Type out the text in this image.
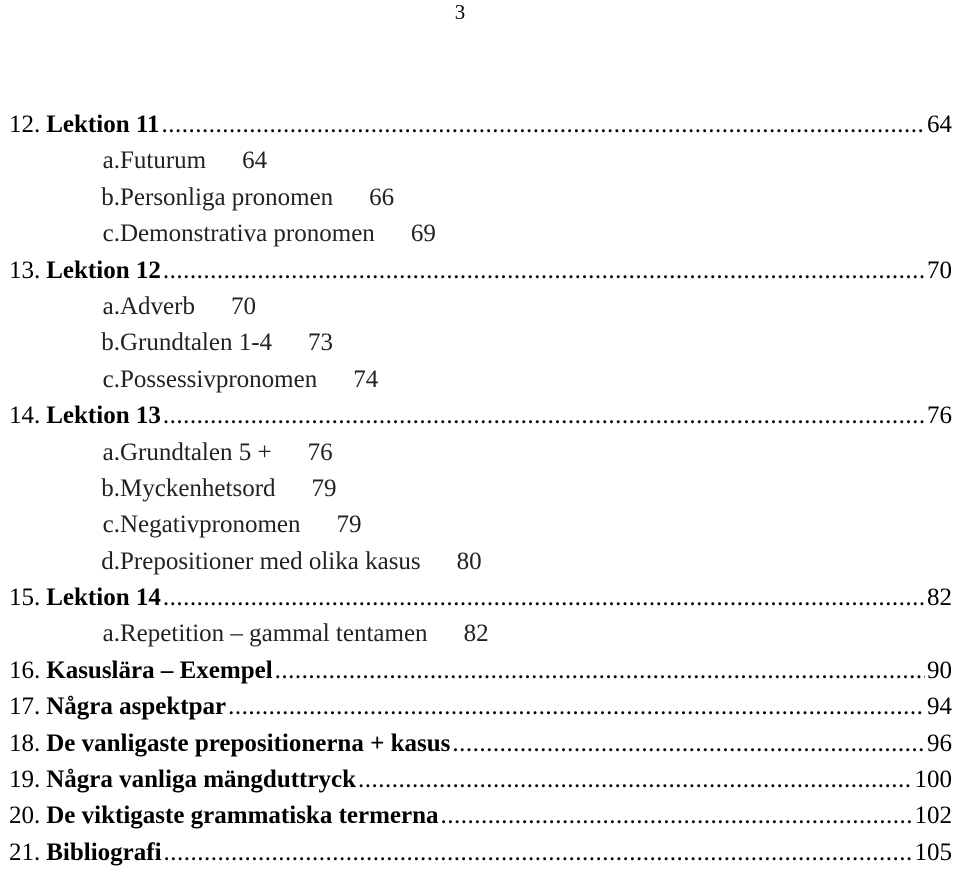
3
12. Lektion 11 .....	64
a. Futurum 64
b. Personliga pronomen 66
c. Demonstrativa pronomen 69
13. Lektion 12 .....	70
a. Adverb 70
b. Grundtalen 1-4 73
c. Possessivpronomen 74
14. Lektion 13 .....	76
a. Grundtalen 5 + 76
b. Myckenhetsord 79
c. Negativpronomen 79
d. Prepositioner med olika kasus 80
15. Lektion 14 .....	82
a. Repetition – gammal tentamen 82
16. Kasuslära – Exempel .....	90
17. Några aspektpar .....	94
18. De vanligaste prepositionerna + kasus .....	96
19. Några vanliga mängduttryck .....	100
20. De viktigaste grammatiska termerna .....	102
21. Bibliografi .....	105
